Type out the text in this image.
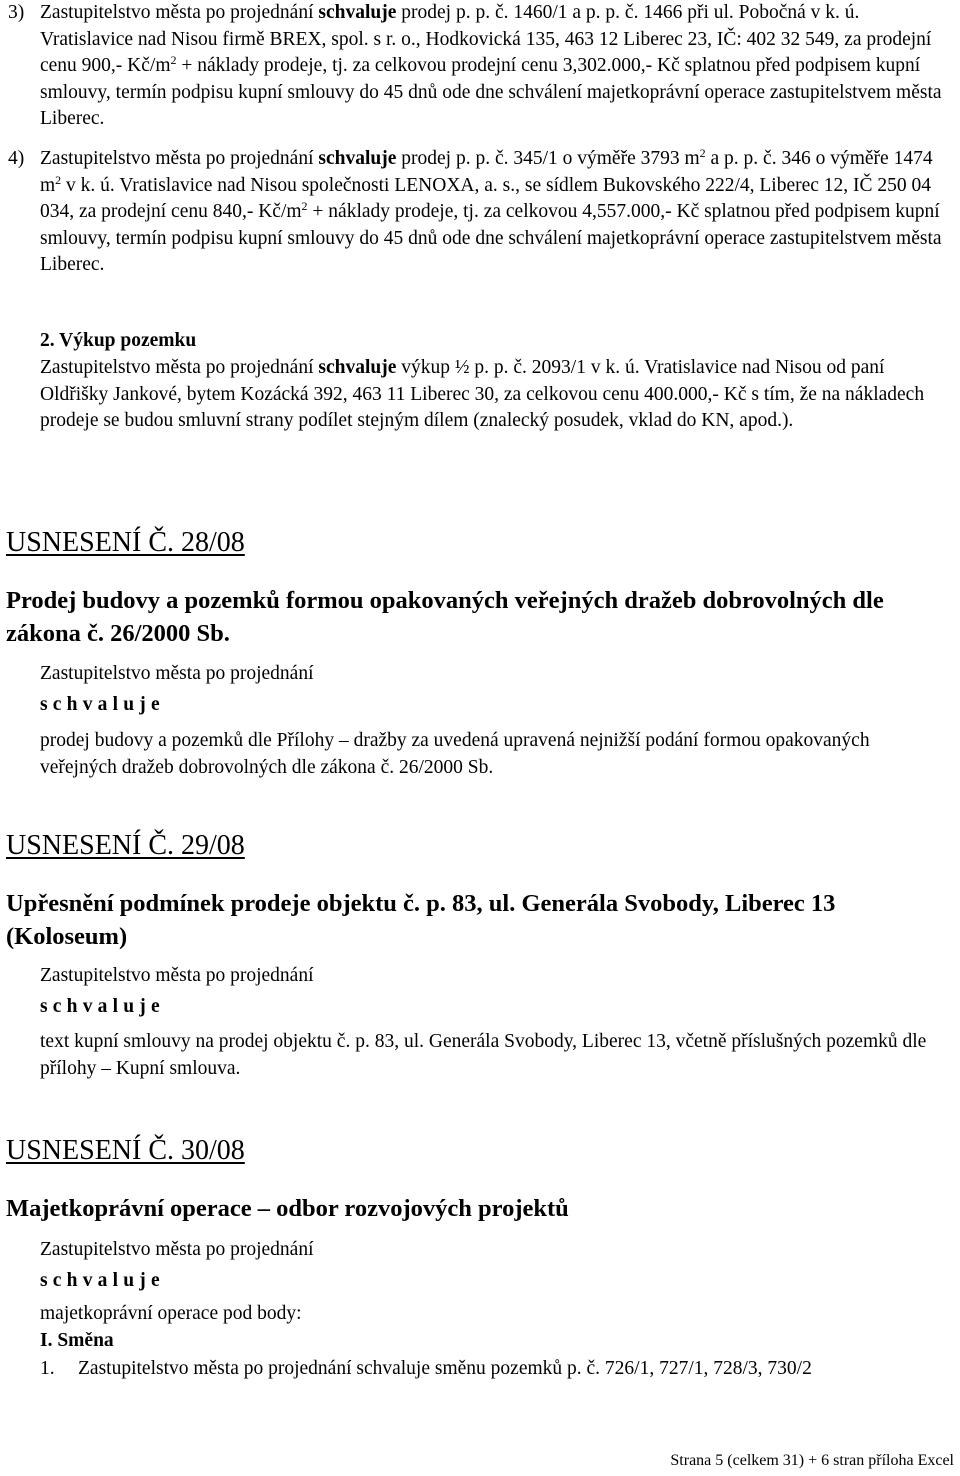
3) Zastupitelstvo města po projednání schvaluje prodej p. p. č. 1460/1 a p. p. č. 1466 při ul. Pobočná v k. ú. Vratislavice nad Nisou firmě BREX, spol. s r. o., Hodkovická 135, 463 12 Liberec 23, IČ: 402 32 549, za prodejní cenu 900,- $Kč/m^2$ + náklady prodeje, tj. za celkovou prodejní cenu 3,302.000,- Kč splatnou před podpisem kupní smlouvy, termín podpisu kupní smlouvy do 45 dnů ode dne schválení majetkoprávní operace zastupitelstvem města Liberec.
4) Zastupitelstvo města po projednání schvaluje prodej p. p. č. 345/1 o výměře 3793 $m^2$ a p. p. č. 346 o výměře 1474 $m^2$ v k. ú. Vratislavice nad Nisou společnosti LENOXA, a. s., se sídlem Bukovského 222/4, Liberec 12, IČ 250 04 034, za prodejní cenu 840,- $Kč/m^2$ + náklady prodeje, tj. za celkovou 4,557.000,- Kč splatnou před podpisem kupní smlouvy, termín podpisu kupní smlouvy do 45 dnů ode dne schválení majetkoprávní operace zastupitelstvem města Liberec.
2. Výkup pozemku
Zastupitelstvo města po projednání schvaluje výkup ½ p. p. č. 2093/1 v k. ú. Vratislavice nad Nisou od paní Oldřišky Jankové, bytem Kozácká 392, 463 11 Liberec 30, za celkovou cenu 400.000,- Kč s tím, že na nákladech prodeje se budou smluvní strany podílet stejným dílem (znalecký posudek, vklad do KN, apod.).
USNESENÍ Č. 28/08
Prodej budovy a pozemků formou opakovaných veřejných dražeb dobrovolných dle zákona č. 26/2000 Sb.
Zastupitelstvo města po projednání
schvaluje
prodej budovy a pozemků dle Přílohy – dražby za uvedená upravená nejnižší podání formou opakovaných veřejných dražeb dobrovolných dle zákona č. 26/2000 Sb.
USNESENÍ Č. 29/08
Upřesnění podmínek prodeje objektu č. p. 83, ul. Generála Svobody, Liberec 13 (Koloseum)
Zastupitelstvo města po projednání
schvaluje
text kupní smlouvy na prodej objektu č. p. 83, ul. Generála Svobody, Liberec 13, včetně příslušných pozemků dle přílohy – Kupní smlouva.
USNESENÍ Č. 30/08
Majetkoprávní operace – odbor rozvojových projektů
Zastupitelstvo města po projednání
schvaluje
majetkoprávní operace pod body:
I. Směna
1. Zastupitelstvo města po projednání schvaluje směnu pozemků p. č. 726/1, 727/1, 728/3, 730/2
Strana 5 (celkem 31) + 6 stran příloha Excel
